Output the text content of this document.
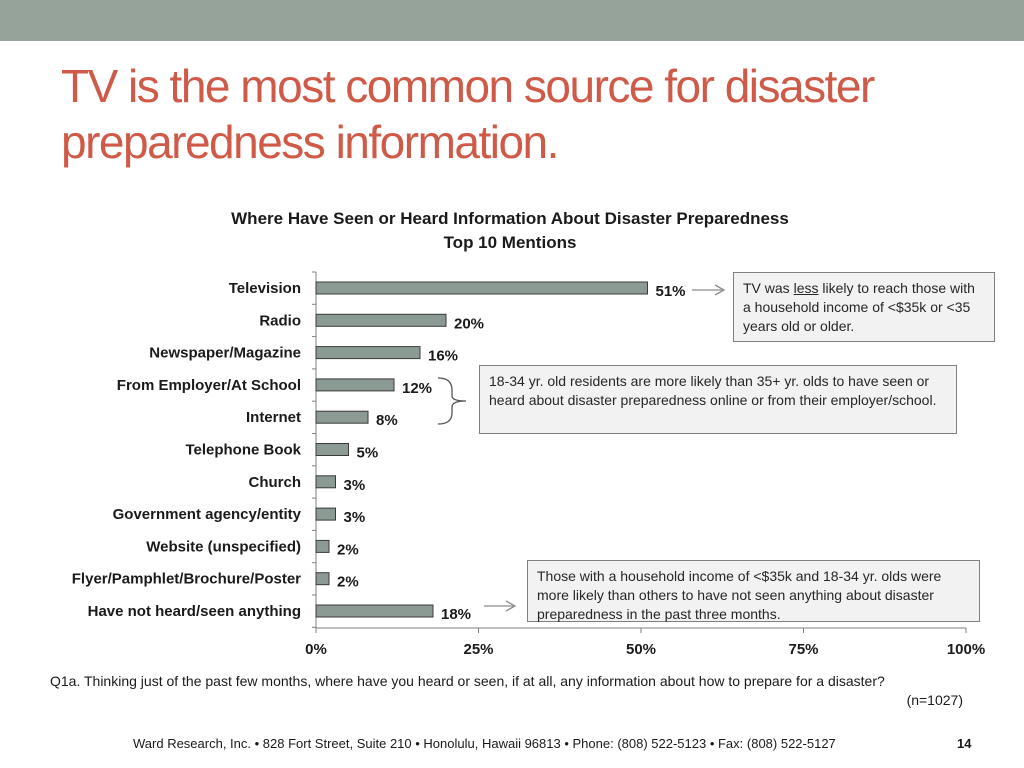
TV is the most common source for disaster preparedness information.
Where Have Seen or Heard Information About Disaster Preparedness
Top 10 Mentions
0%	25%	50%	75%	100%
Television	51%
Radio	20%
Newspaper/Magazine	16%
From Employer/At School	12%
Internet	8%
Telephone Book	5%
Church	3%
Government agency/entity	3%
Website (unspecified) 2%
Flyer/Pamphlet/Brochure/Poster 2%
Have not heard/seen anything	18%
TV was less likely to reach those with a household income of <$35k or <35 years old or older.
18-34 yr. old residents are more likely than 35+ yr. olds to have seen or heard about disaster preparedness online or from their employer/school.
Those with a household income of <$35k and 18-34 yr. olds were more likely than others to have not seen anything about disaster preparedness in the past three months.
Q1a. Thinking just of the past few months, where have you heard or seen, if at all, any information about how to prepare for a disaster?
(n=1027)
Ward Research, Inc. • 828 Fort Street, Suite 210 • Honolulu, Hawaii 96813 • Phone: (808) 522-5123 • Fax: (808) 522-5127	14
